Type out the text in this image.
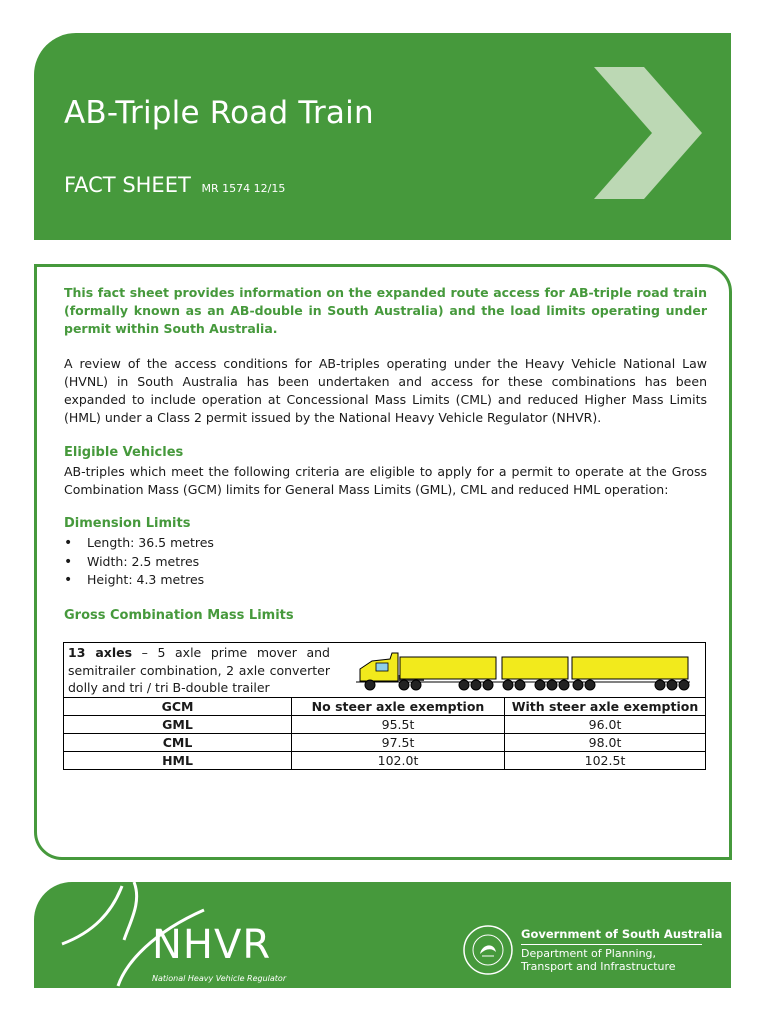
AB-Triple Road Train
FACT SHEET MR 1574 12/15
This fact sheet provides information on the expanded route access for AB-triple road train (formally known as an AB-double in South Australia) and the load limits operating under permit within South Australia.
A review of the access conditions for AB-triples operating under the Heavy Vehicle National Law (HVNL) in South Australia has been undertaken and access for these combinations has been expanded to include operation at Concessional Mass Limits (CML) and reduced Higher Mass Limits (HML) under a Class 2 permit issued by the National Heavy Vehicle Regulator (NHVR).
Eligible Vehicles
AB-triples which meet the following criteria are eligible to apply for a permit to operate at the Gross Combination Mass (GCM) limits for General Mass Limits (GML), CML and reduced HML operation:
Dimension Limits
• Length: 36.5 metres
• Width: 2.5 metres
• Height: 4.3 metres
Gross Combination Mass Limits
13 axles – 5 axle prime mover and semitrailer combination, 2 axle converter dolly and tri / tri B-double trailer		

GCM	No steer axle exemption	With steer axle exemption
GML	95.5t	96.0t
CML	97.5t	98.0t
HML	102.0t	102.5t
NHVR
National Heavy Vehicle Regulator
Government of South Australia
Department of Planning,
Transport and Infrastructure
